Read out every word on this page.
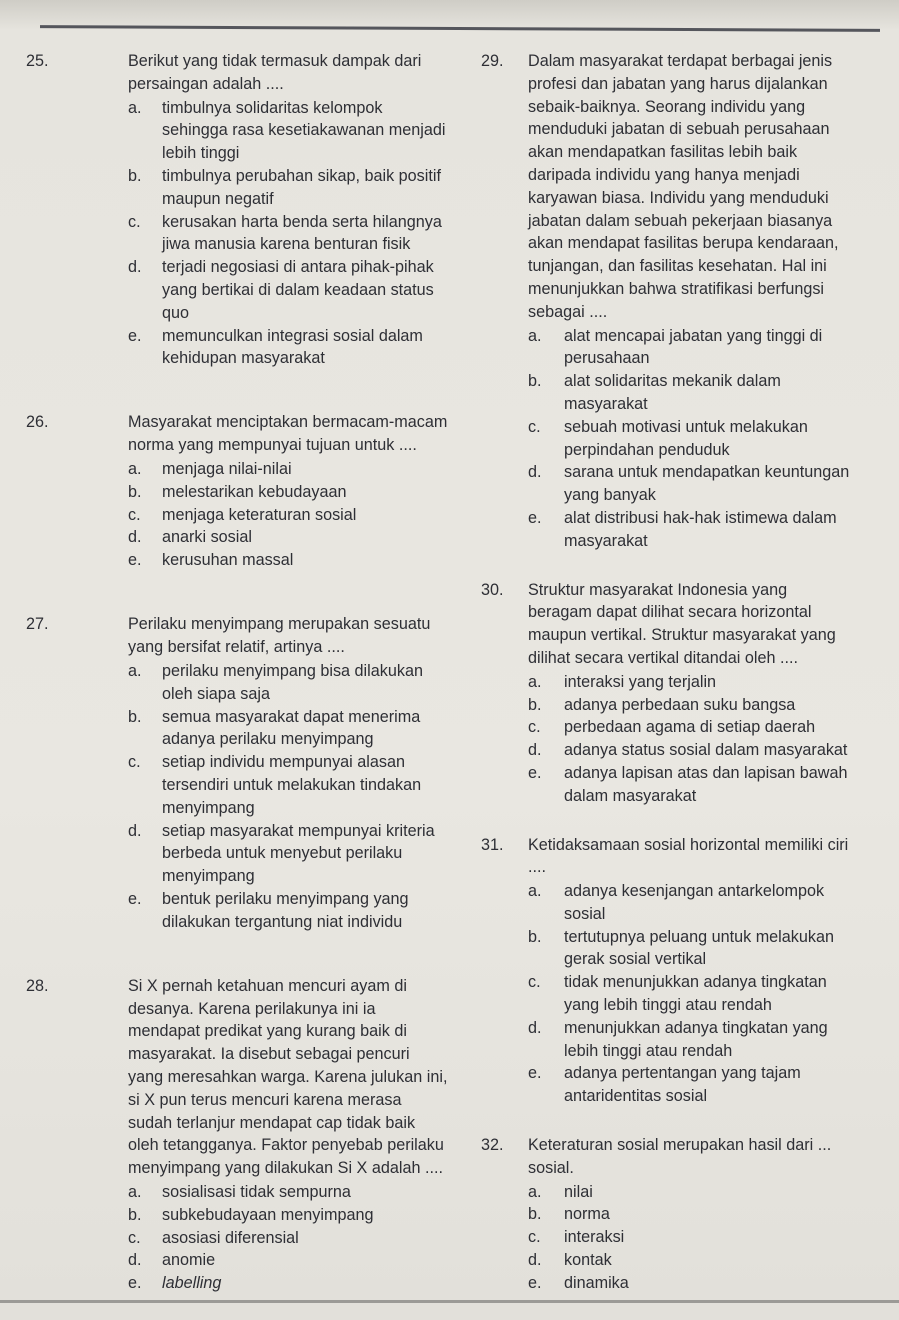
25.	Berikut yang tidak termasuk dampak dari persaingan adalah ....
a. timbulnya solidaritas kelompok sehingga rasa kesetiakawanan menjadi lebih tinggi
b. timbulnya perubahan sikap, baik positif maupun negatif
c. kerusakan harta benda serta hilangnya jiwa manusia karena benturan fisik
d. terjadi negosiasi di antara pihak-pihak yang bertikai di dalam keadaan status quo
e. memunculkan integrasi sosial dalam kehidupan masyarakat
26.	Masyarakat menciptakan bermacam-macam norma yang mempunyai tujuan untuk ....
a. menjaga nilai-nilai
b. melestarikan kebudayaan
c. menjaga keteraturan sosial
d. anarki sosial
e. kerusuhan massal
27.	Perilaku menyimpang merupakan sesuatu yang bersifat relatif, artinya ....
a. perilaku menyimpang bisa dilakukan oleh siapa saja
b. semua masyarakat dapat menerima adanya perilaku menyimpang
c. setiap individu mempunyai alasan tersendiri untuk melakukan tindakan menyimpang
d. setiap masyarakat mempunyai kriteria berbeda untuk menyebut perilaku menyimpang
e. bentuk perilaku menyimpang yang dilakukan tergantung niat individu
28.	Si X pernah ketahuan mencuri ayam di desanya. Karena perilakunya ini ia mendapat predikat yang kurang baik di masyarakat. Ia disebut sebagai pencuri yang meresahkan warga. Karena julukan ini, si X pun terus mencuri karena merasa sudah terlanjur mendapat cap tidak baik oleh tetangganya. Faktor penyebab perilaku menyimpang yang dilakukan Si X adalah ....
a. sosialisasi tidak sempurna
b. subkebudayaan menyimpang
c. asosiasi diferensial
d. anomie
e. labelling
29. Dalam masyarakat terdapat berbagai jenis profesi dan jabatan yang harus dijalankan sebaik-baiknya. Seorang individu yang menduduki jabatan di sebuah perusahaan akan mendapatkan fasilitas lebih baik daripada individu yang hanya menjadi karyawan biasa. Individu yang menduduki jabatan dalam sebuah pekerjaan biasanya akan mendapat fasilitas berupa kendaraan, tunjangan, dan fasilitas kesehatan. Hal ini menunjukkan bahwa stratifikasi berfungsi sebagai ....
a. alat mencapai jabatan yang tinggi di perusahaan
b. alat solidaritas mekanik dalam masyarakat
c. sebuah motivasi untuk melakukan perpindahan penduduk
d. sarana untuk mendapatkan keuntungan yang banyak
e. alat distribusi hak-hak istimewa dalam masyarakat
30. Struktur masyarakat Indonesia yang beragam dapat dilihat secara horizontal maupun vertikal. Struktur masyarakat yang dilihat secara vertikal ditandai oleh ....
a. interaksi yang terjalin
b. adanya perbedaan suku bangsa
c. perbedaan agama di setiap daerah
d. adanya status sosial dalam masyarakat
e. adanya lapisan atas dan lapisan bawah dalam masyarakat
31. Ketidaksamaan sosial horizontal memiliki ciri ....
a. adanya kesenjangan antarkelompok sosial
b. tertutupnya peluang untuk melakukan gerak sosial vertikal
c. tidak menunjukkan adanya tingkatan yang lebih tinggi atau rendah
d. menunjukkan adanya tingkatan yang lebih tinggi atau rendah
e. adanya pertentangan yang tajam antaridentitas sosial
32. Keteraturan sosial merupakan hasil dari ... sosial.
a. nilai
b. norma
c. interaksi
d. kontak
e. dinamika
